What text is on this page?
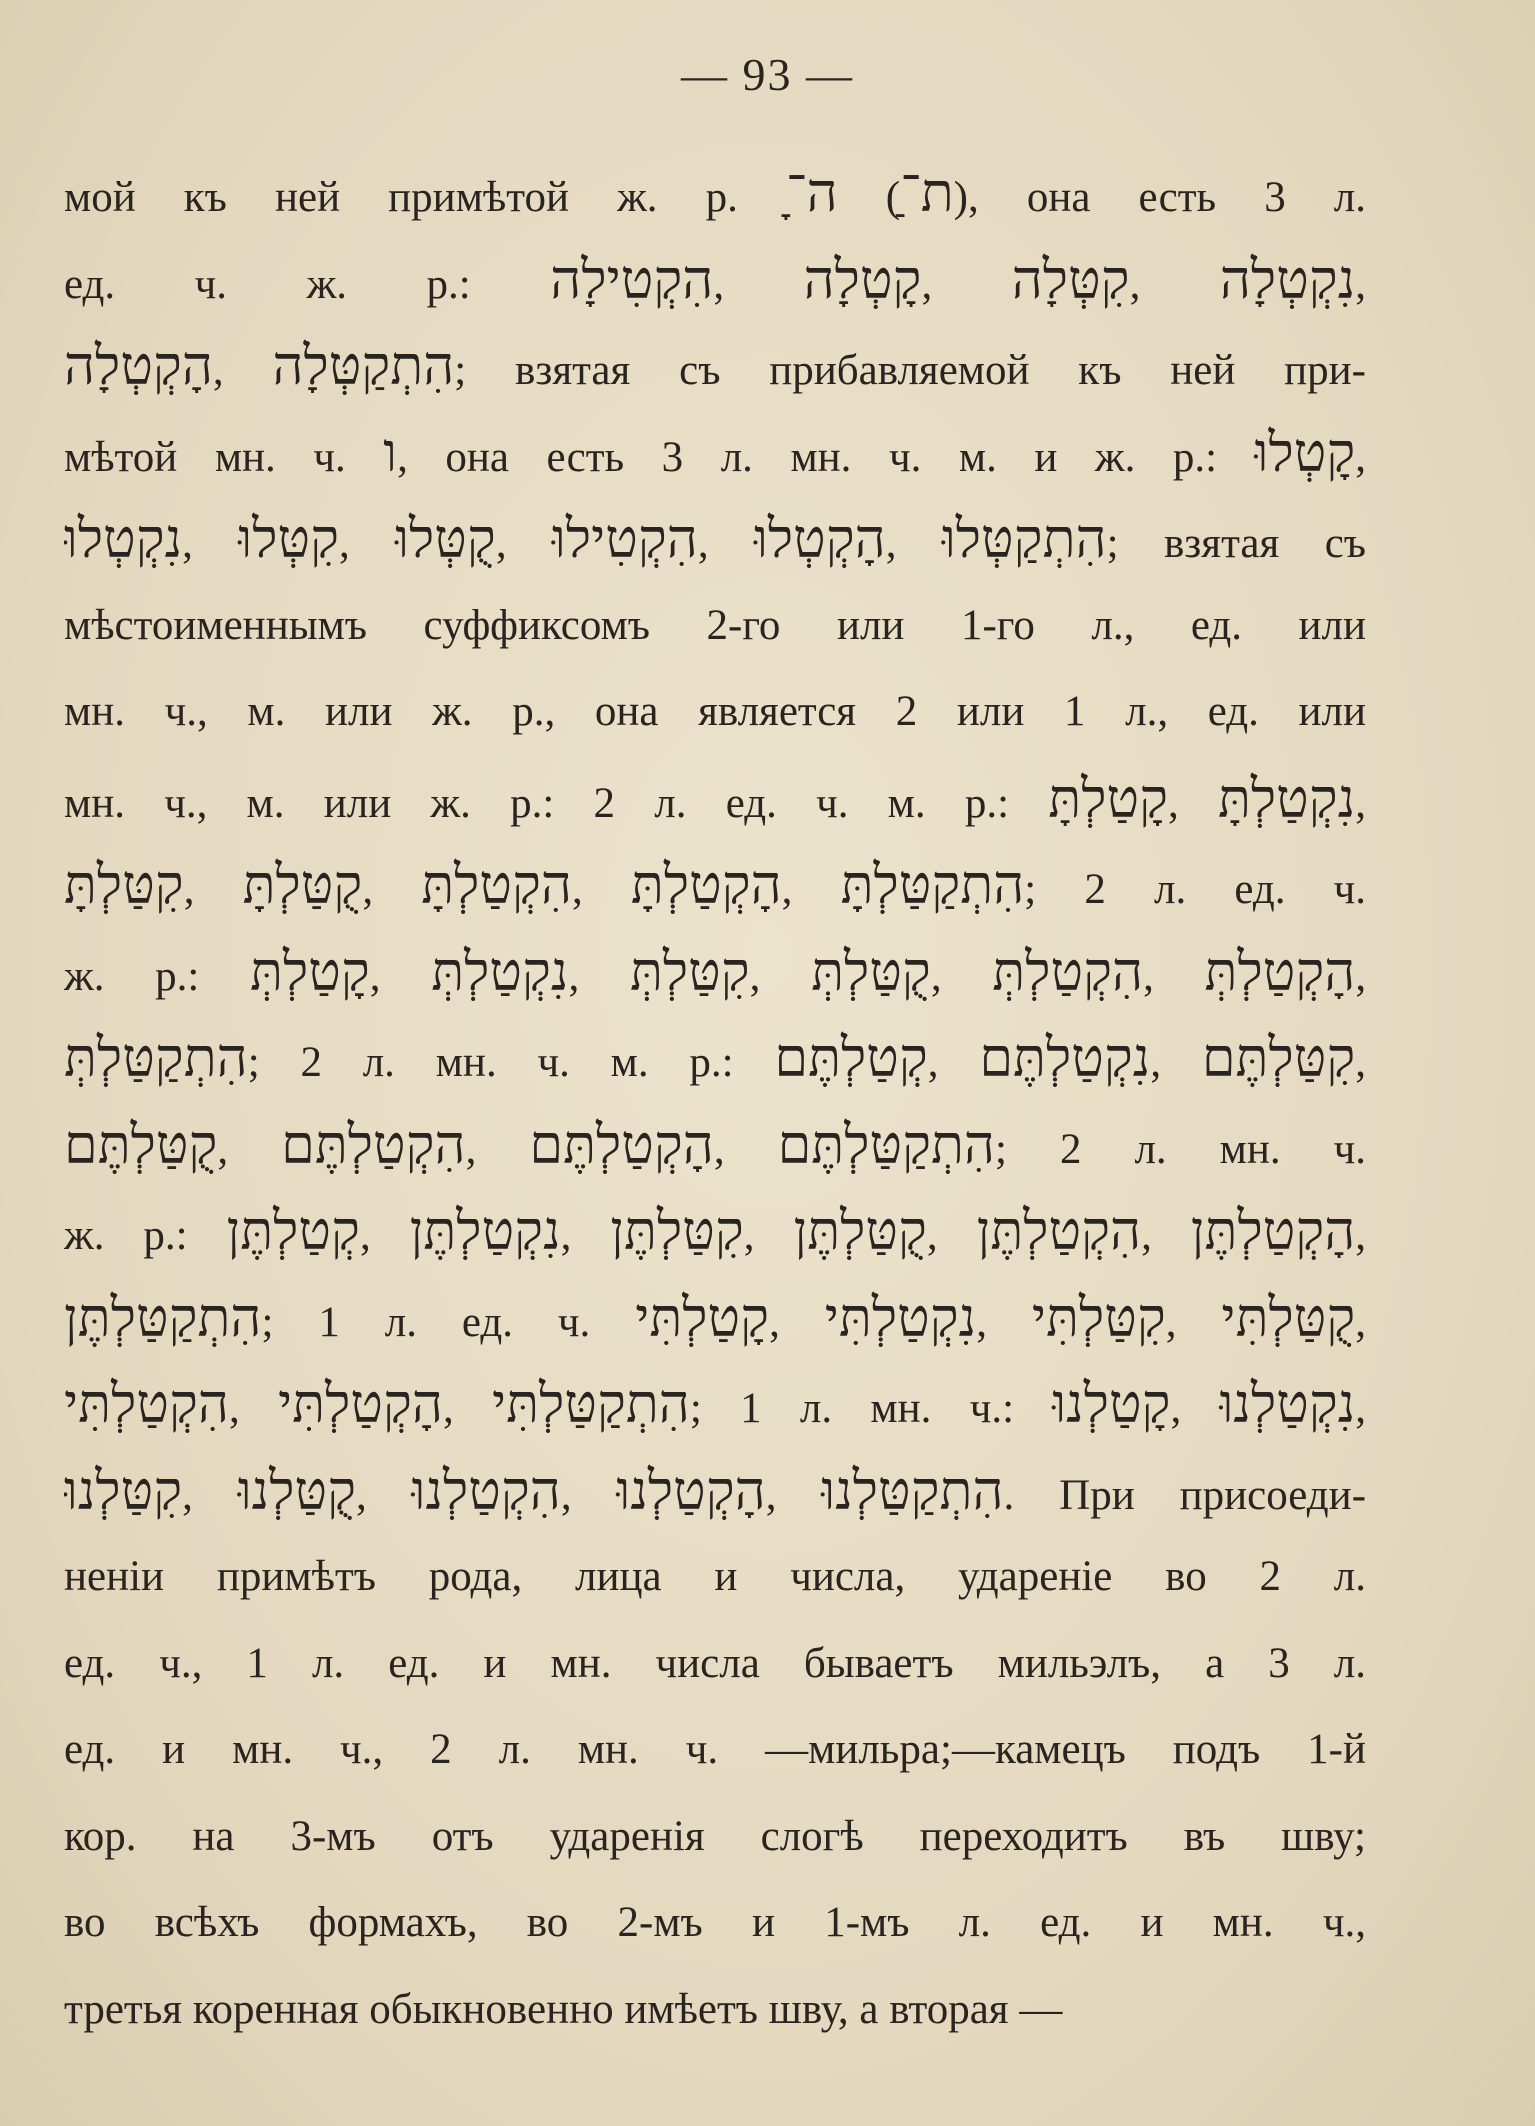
— 93 —
мой къ ней примѣтой ж. р. ה־ָ (ת־ַ), она есть 3 л.
ед. ч. ж. р.: הִקְטִילָה, קָטְלָה, קִטְּלָה, נִקְטְלָה,
הָקְטְלָה, הִתְקַטְּלָה; взятая съ прибавляемой къ ней при-
мѣтой мн. ч. ו, она есть 3 л. мн. ч. м. и ж. р.: קָטְלוּ,
נִקְטְלוּ, קִטְּלוּ, קֻטְּלוּ, הִקְטִילוּ, הָקְטְלוּ, הִתְקַטְּלוּ; взятая съ
мѣстоименнымъ суффиксомъ 2-го или 1-го л., ед. или
мн. ч., м. или ж. р., она является 2 или 1 л., ед. или
мн. ч., м. или ж. р.: 2 л. ед. ч. м. р.: קָטַלְתָּ, נִקְטַלְתָּ,
קִטַּלְתָּ, קֻטַּלְתָּ, הִקְטַלְתָּ, הָקְטַלְתָּ, הִתְקַטַּלְתָּ; 2 л. ед. ч.
ж. р.: קָטַלְתְּ, נִקְטַלְתְּ, קִטַּלְתְּ, קֻטַּלְתְּ, הִקְטַלְתְּ, הָקְטַלְתְּ,
הִתְקַטַּלְתְּ; 2 л. мн. ч. м. р.: קְטַלְתֶּם, נִקְטַלְתֶּם, קִטַּלְתֶּם,
קֻטַּלְתֶּם, הִקְטַלְתֶּם, הָקְטַלְתֶּם, הִתְקַטַּלְתֶּם; 2 л. мн. ч.
ж. р.: קְטַלְתֶּן, נִקְטַלְתֶּן, קִטַּלְתֶּן, קֻטַּלְתֶּן, הִקְטַלְתֶּן, הָקְטַלְתֶּן,
הִתְקַטַּלְתֶּן; 1 л. ед. ч. קָטַלְתִּי, נִקְטַלְתִּי, קִטַּלְתִּי, קֻטַּלְתִּי,
הִקְטַלְתִּי, הָקְטַלְתִּי, הִתְקַטַּלְתִּי; 1 л. мн. ч.: קָטַלְנוּ, נִקְטַלְנוּ,
קִטַּלְנוּ, קֻטַּלְנוּ, הִקְטַלְנוּ, הָקְטַלְנוּ, הִתְקַטַּלְנוּ. При присоеди-
неніи примѣтъ рода, лица и числа, удареніе во 2 л.
ед. ч., 1 л. ед. и мн. числа бываетъ мильэлъ, а 3 л.
ед. и мн. ч., 2 л. мн. ч. —мильра;—камецъ подъ 1-й
кор. на 3-мъ отъ ударенія слогѣ переходитъ въ шву;
во всѣхъ формахъ, во 2-мъ и 1-мъ л. ед. и мн. ч.,
третья коренная обыкновенно имѣетъ шву, а вторая —
